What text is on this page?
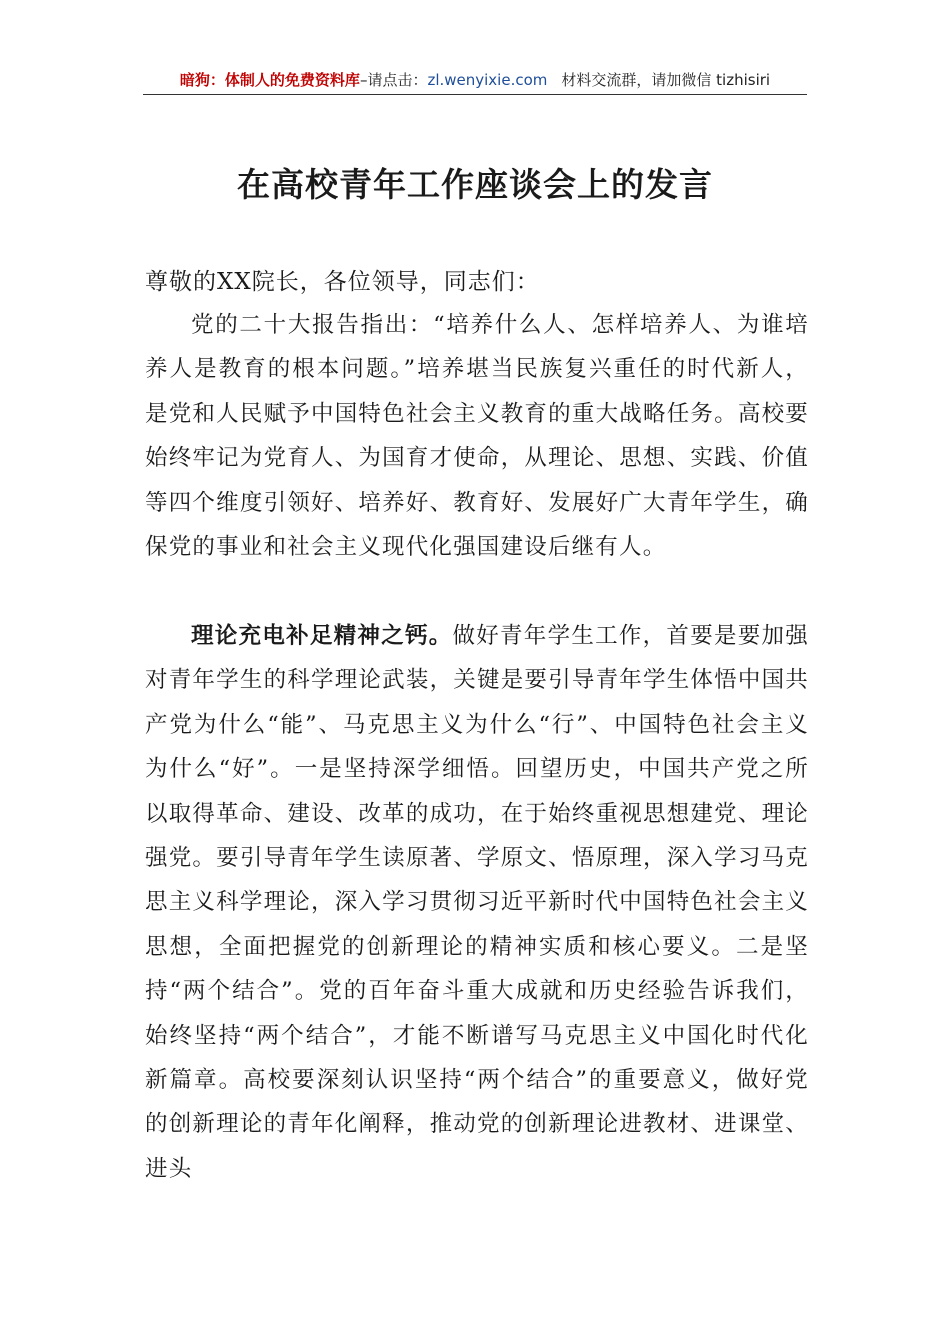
暗狗：体制人的免费资料库–请点击：zl.wenyixie.com 材料交流群，请加微信 tizhisiri
在高校青年工作座谈会上的发言

尊敬的XX院长，各位领导，同志们：

党的二十大报告指出：“培养什么人、怎样培养人、为谁培养人是教育的根本问题。”培养堪当民族复兴重任的时代新人，是党和人民赋予中国特色社会主义教育的重大战略任务。高校要始终牢记为党育人、为国育才使命，从理论、思想、实践、价值等四个维度引领好、培养好、教育好、发展好广大青年学生，确保党的事业和社会主义现代化强国建设后继有人。

理论充电补足精神之钙。做好青年学生工作，首要是要加强对青年学生的科学理论武装，关键是要引导青年学生体悟中国共产党为什么“能”、马克思主义为什么“行”、中国特色社会主义为什么“好”。一是坚持深学细悟。回望历史，中国共产党之所以取得革命、建设、改革的成功，在于始终重视思想建党、理论强党。要引导青年学生读原著、学原文、悟原理，深入学习马克思主义科学理论，深入学习贯彻习近平新时代中国特色社会主义思想，全面把握党的创新理论的精神实质和核心要义。二是坚持“两个结合”。党的百年奋斗重大成就和历史经验告诉我们，始终坚持“两个结合”，才能不断谱写马克思主义中国化时代化新篇章。高校要深刻认识坚持“两个结合”的重要意义，做好党的创新理论的青年化阐释，推动党的创新理论进教材、进课堂、进头
